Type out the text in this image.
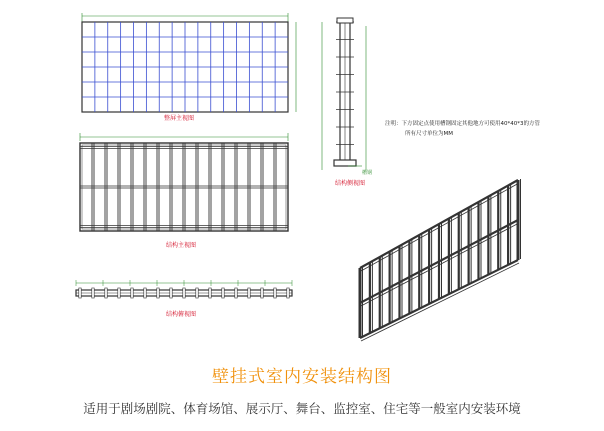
整屏主视图
结构主视图
结构侧视图
结构俯视图
槽钢
注明：下方固定点使用槽钢固定其他地方可使用40*40*3的方管
所有尺寸单位为MM
壁挂式室内安装结构图
适用于剧场剧院、体育场馆、展示厅、舞台、监控室、住宅等一般室内安装环境
